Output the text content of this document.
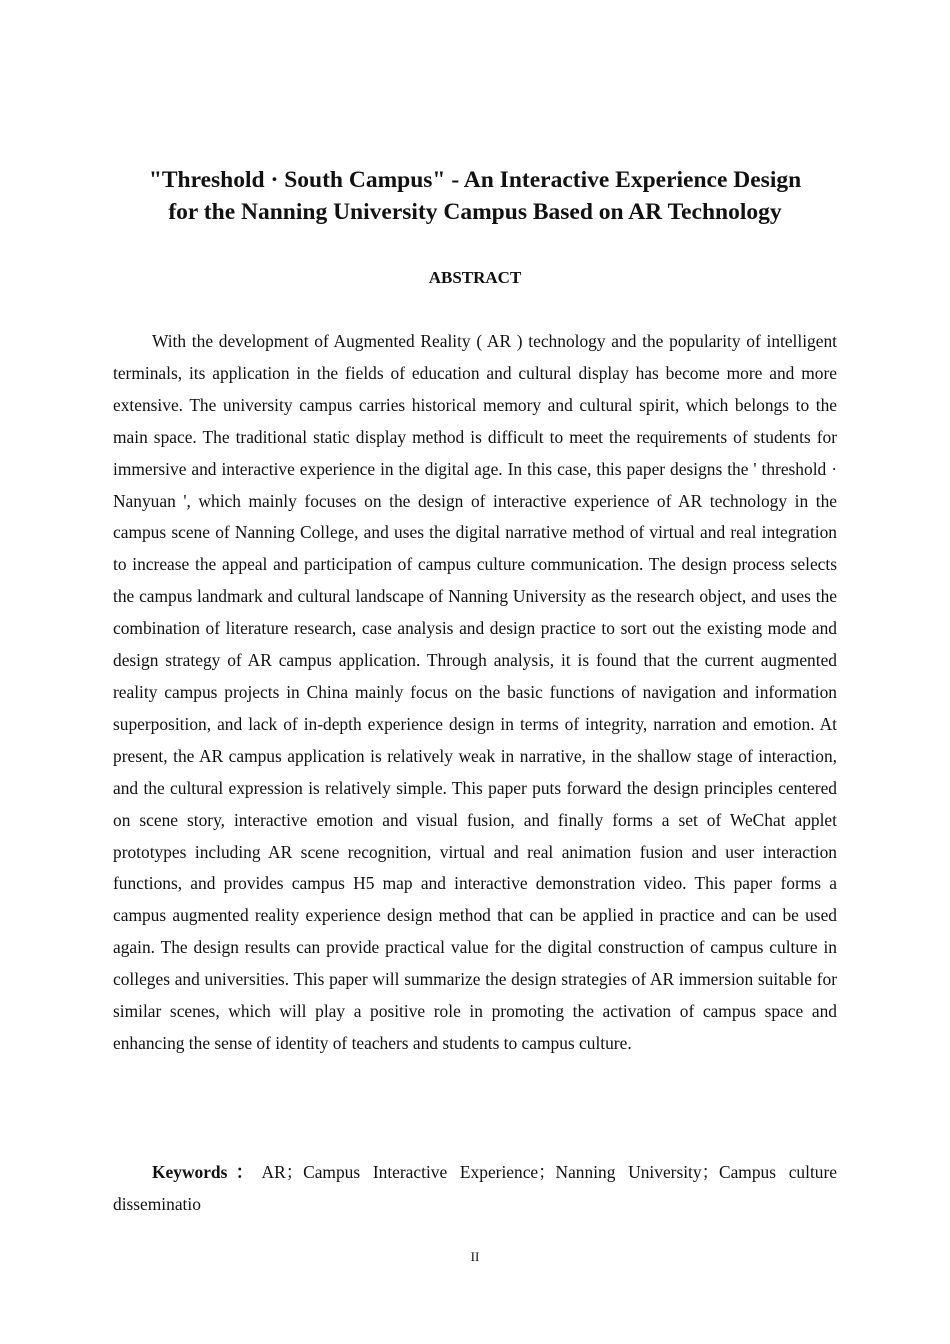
"Threshold · South Campus" - An Interactive Experience Design
for the Nanning University Campus Based on AR Technology
ABSTRACT

With the development of Augmented Reality ( AR ) technology and the popularity of intelligent terminals, its application in the fields of education and cultural display has become more and more extensive. The university campus carries historical memory and cultural spirit, which belongs to the main space. The traditional static display method is difficult to meet the requirements of students for immersive and interactive experience in the digital age. In this case, this paper designs the ' threshold · Nanyuan ', which mainly focuses on the design of interactive experience of AR technology in the campus scene of Nanning College, and uses the digital narrative method of virtual and real integration to increase the appeal and participation of campus culture communication. The design process selects the campus landmark and cultural landscape of Nanning University as the research object, and uses the combination of literature research, case analysis and design practice to sort out the existing mode and design strategy of AR campus application. Through analysis, it is found that the current augmented reality campus projects in China mainly focus on the basic functions of navigation and information superposition, and lack of in-depth experience design in terms of integrity, narration and emotion. At present, the AR campus application is relatively weak in narrative, in the shallow stage of interaction, and the cultural expression is relatively simple. This paper puts forward the design principles centered on scene story, interactive emotion and visual fusion, and finally forms a set of WeChat applet prototypes including AR scene recognition, virtual and real animation fusion and user interaction functions, and provides campus H5 map and interactive demonstration video. This paper forms a campus augmented reality experience design method that can be applied in practice and can be used again. The design results can provide practical value for the digital construction of campus culture in colleges and universities. This paper will summarize the design strategies of AR immersion suitable for similar scenes, which will play a positive role in promoting the activation of campus space and enhancing the sense of identity of teachers and students to campus culture.

Keywords：AR；Campus Interactive Experience；Nanning University；Campus culture disseminatio

II
